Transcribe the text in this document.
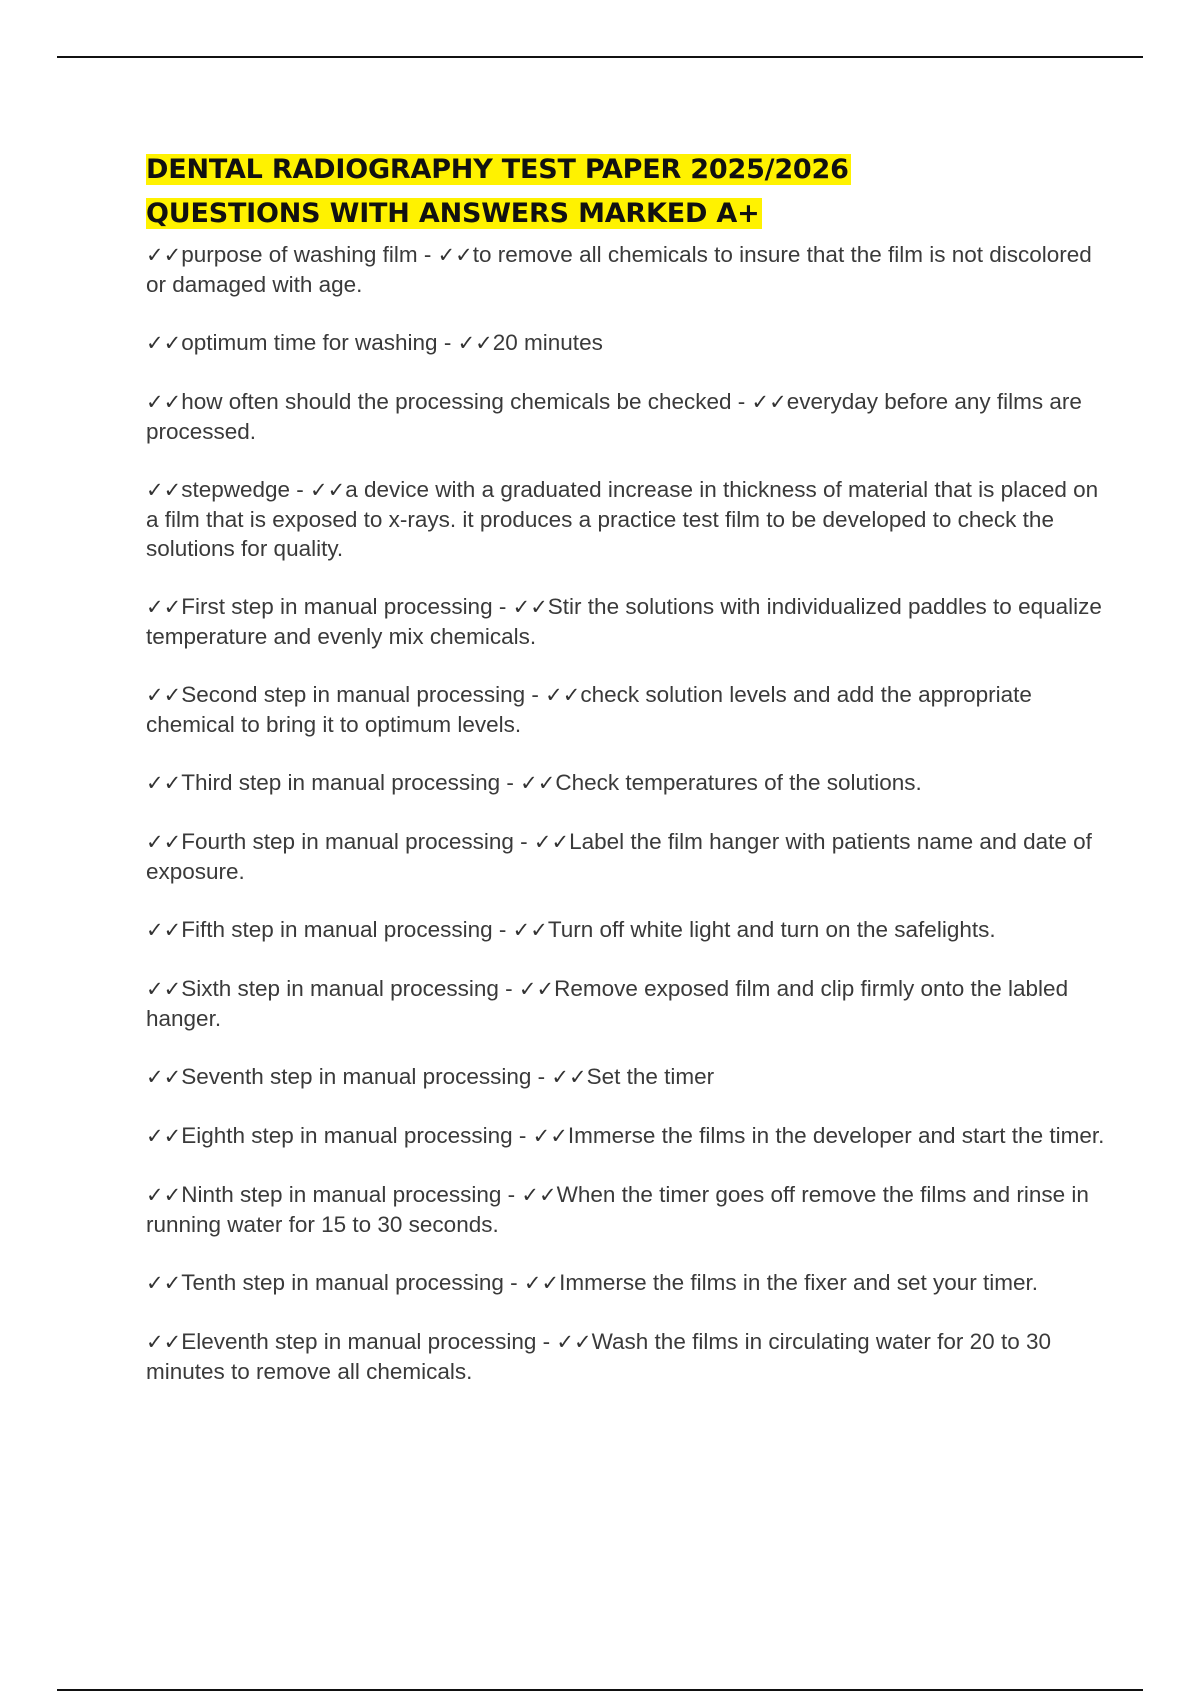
DENTAL RADIOGRAPHY TEST PAPER 2025/2026
QUESTIONS WITH ANSWERS MARKED A+
✓✓purpose of washing film - ✓✓to remove all chemicals to insure that the film is not discolored or damaged with age.
✓✓optimum time for washing - ✓✓20 minutes
✓✓how often should the processing chemicals be checked - ✓✓everyday before any films are processed.
✓✓stepwedge - ✓✓a device with a graduated increase in thickness of material that is placed on a film that is exposed to x-rays. it produces a practice test film to be developed to check the solutions for quality.
✓✓First step in manual processing - ✓✓Stir the solutions with individualized paddles to equalize temperature and evenly mix chemicals.
✓✓Second step in manual processing - ✓✓check solution levels and add the appropriate chemical to bring it to optimum levels.
✓✓Third step in manual processing - ✓✓Check temperatures of the solutions.
✓✓Fourth step in manual processing - ✓✓Label the film hanger with patients name and date of exposure.
✓✓Fifth step in manual processing - ✓✓Turn off white light and turn on the safelights.
✓✓Sixth step in manual processing - ✓✓Remove exposed film and clip firmly onto the labled hanger.
✓✓Seventh step in manual processing - ✓✓Set the timer
✓✓Eighth step in manual processing - ✓✓Immerse the films in the developer and start the timer.
✓✓Ninth step in manual processing - ✓✓When the timer goes off remove the films and rinse in running water for 15 to 30 seconds.
✓✓Tenth step in manual processing - ✓✓Immerse the films in the fixer and set your timer.
✓✓Eleventh step in manual processing - ✓✓Wash the films in circulating water for 20 to 30 minutes to remove all chemicals.
